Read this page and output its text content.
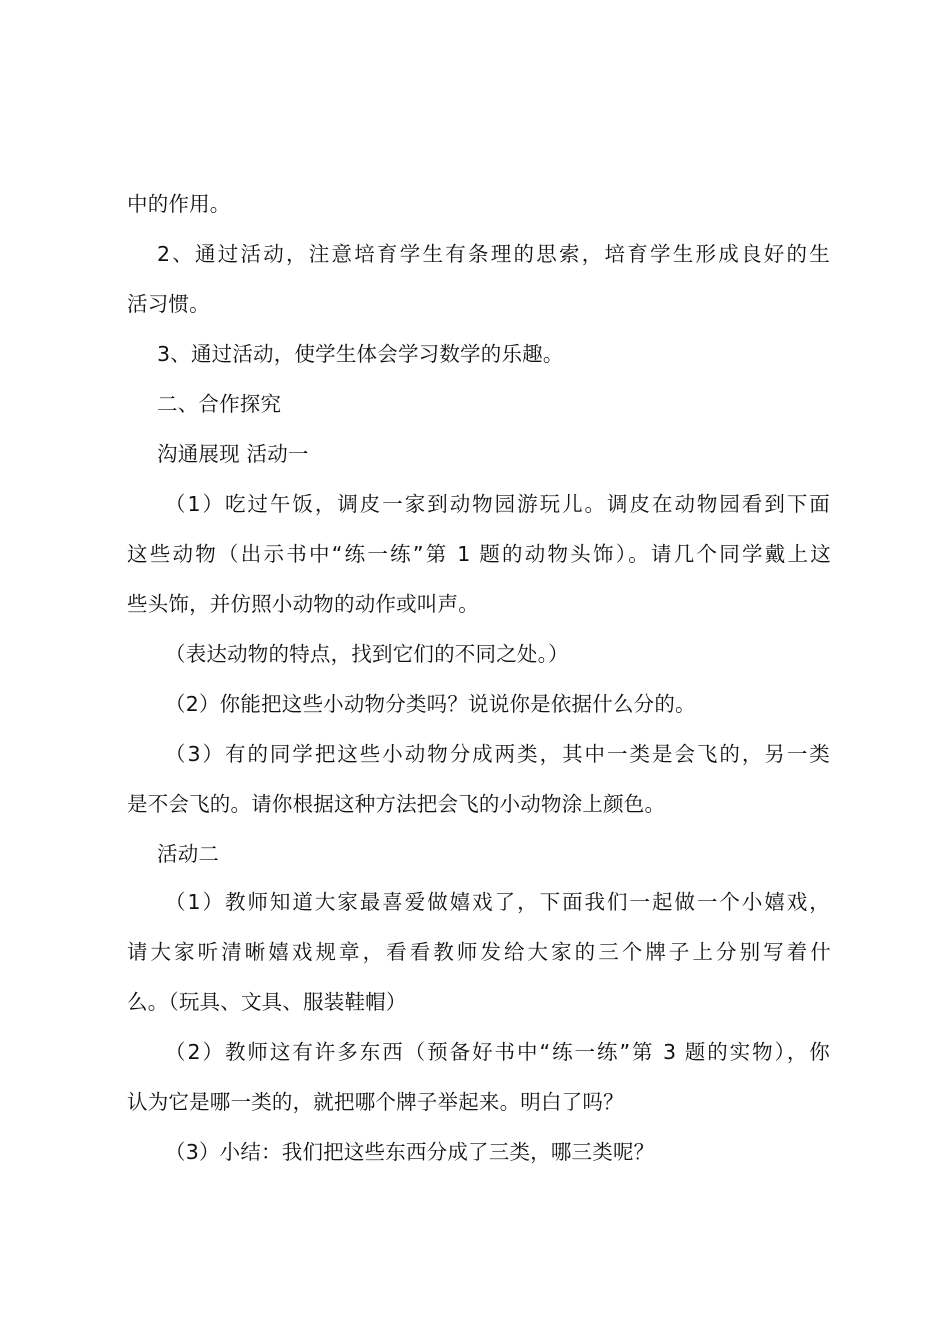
中的作用。
2、通过活动，注意培育学生有条理的思索，培育学生形成良好的生
活习惯。
3、通过活动，使学生体会学习数学的乐趣。
二、合作探究
沟通展现 活动一
（1）吃过午饭，调皮一家到动物园游玩儿。调皮在动物园看到下面
这些动物（出示书中“练一练”第 1 题的动物头饰）。请几个同学戴上这
些头饰，并仿照小动物的动作或叫声。
（表达动物的特点，找到它们的不同之处。）
（2）你能把这些小动物分类吗？说说你是依据什么分的。
（3）有的同学把这些小动物分成两类，其中一类是会飞的，另一类
是不会飞的。请你根据这种方法把会飞的小动物涂上颜色。
活动二
（1）教师知道大家最喜爱做嬉戏了，下面我们一起做一个小嬉戏，
请大家听清晰嬉戏规章，看看教师发给大家的三个牌子上分别写着什
么。（玩具、文具、服装鞋帽）
（2）教师这有许多东西（预备好书中“练一练”第 3 题的实物），你
认为它是哪一类的，就把哪个牌子举起来。明白了吗？
（3）小结：我们把这些东西分成了三类，哪三类呢？
